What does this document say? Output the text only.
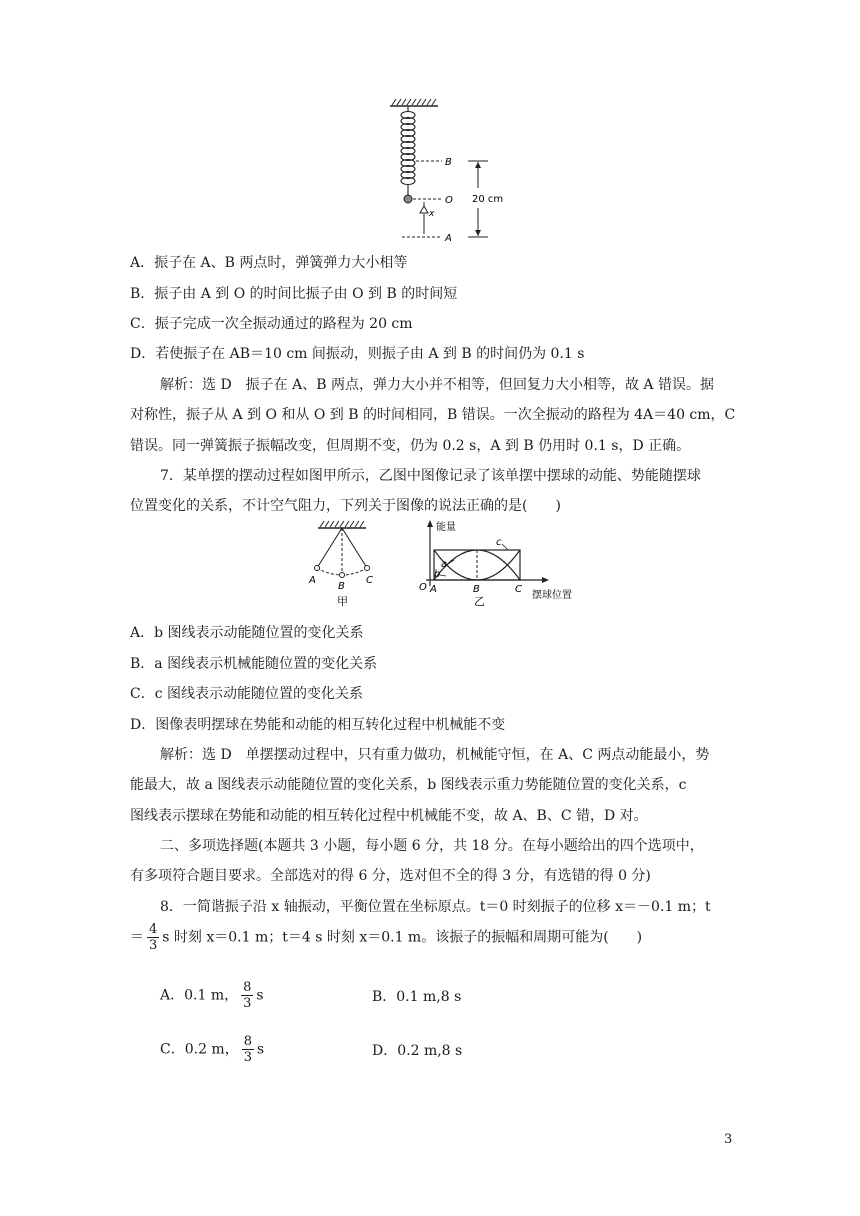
B
O
x
A
20 cm
A．振子在 A、B 两点时，弹簧弹力大小相等
B．振子由 A 到 O 的时间比振子由 O 到 B 的时间短
C．振子完成一次全振动通过的路程为 20 cm
D．若使振子在 AB＝10 cm 间振动，则振子由 A 到 B 的时间仍为 0.1 s
解析：选 D　振子在 A、B 两点，弹力大小并不相等，但回复力大小相等，故 A 错误。据
对称性，振子从 A 到 O 和从 O 到 B 的时间相同，B 错误。一次全振动的路程为 4A＝40 cm，C
错误。同一弹簧振子振幅改变，但周期不变，仍为 0.2 s，A 到 B 仍用时 0.1 s，D 正确。
7．某单摆的摆动过程如图甲所示，乙图中图像记录了该单摆中摆球的动能、势能随摆球
位置变化的关系，不计空气阻力，下列关于图像的说法正确的是(　　)
A
B
C
甲
能量
a
b
c
O A	B	C
摆球位置
乙
A．b 图线表示动能随位置的变化关系
B．a 图线表示机械能随位置的变化关系
C．c 图线表示动能随位置的变化关系
D．图像表明摆球在势能和动能的相互转化过程中机械能不变
解析：选 D　单摆摆动过程中，只有重力做功，机械能守恒，在 A、C 两点动能最小，势
能最大，故 a 图线表示动能随位置的变化关系，b 图线表示重力势能随位置的变化关系，c
图线表示摆球在势能和动能的相互转化过程中机械能不变，故 A、B、C 错，D 对。
二、多项选择题(本题共 3 小题，每小题 6 分，共 18 分。在每小题给出的四个选项中，
有多项符合题目要求。全部选对的得 6 分，选对但不全的得 3 分，有选错的得 0 分)
8．一简谐振子沿 x 轴振动，平衡位置在坐标原点。t＝0 时刻振子的位移 x＝－0.1 m；t
＝ $\frac{4}{3}$ s 时刻 x＝0.1 m；t＝4 s 时刻 x＝0.1 m。该振子的振幅和周期可能为(　　)
A．0.1 m， $\frac{8}{3}$ s	B．0.1 m,8 s
C．0.2 m， $\frac{8}{3}$ s	D．0.2 m,8 s
3
